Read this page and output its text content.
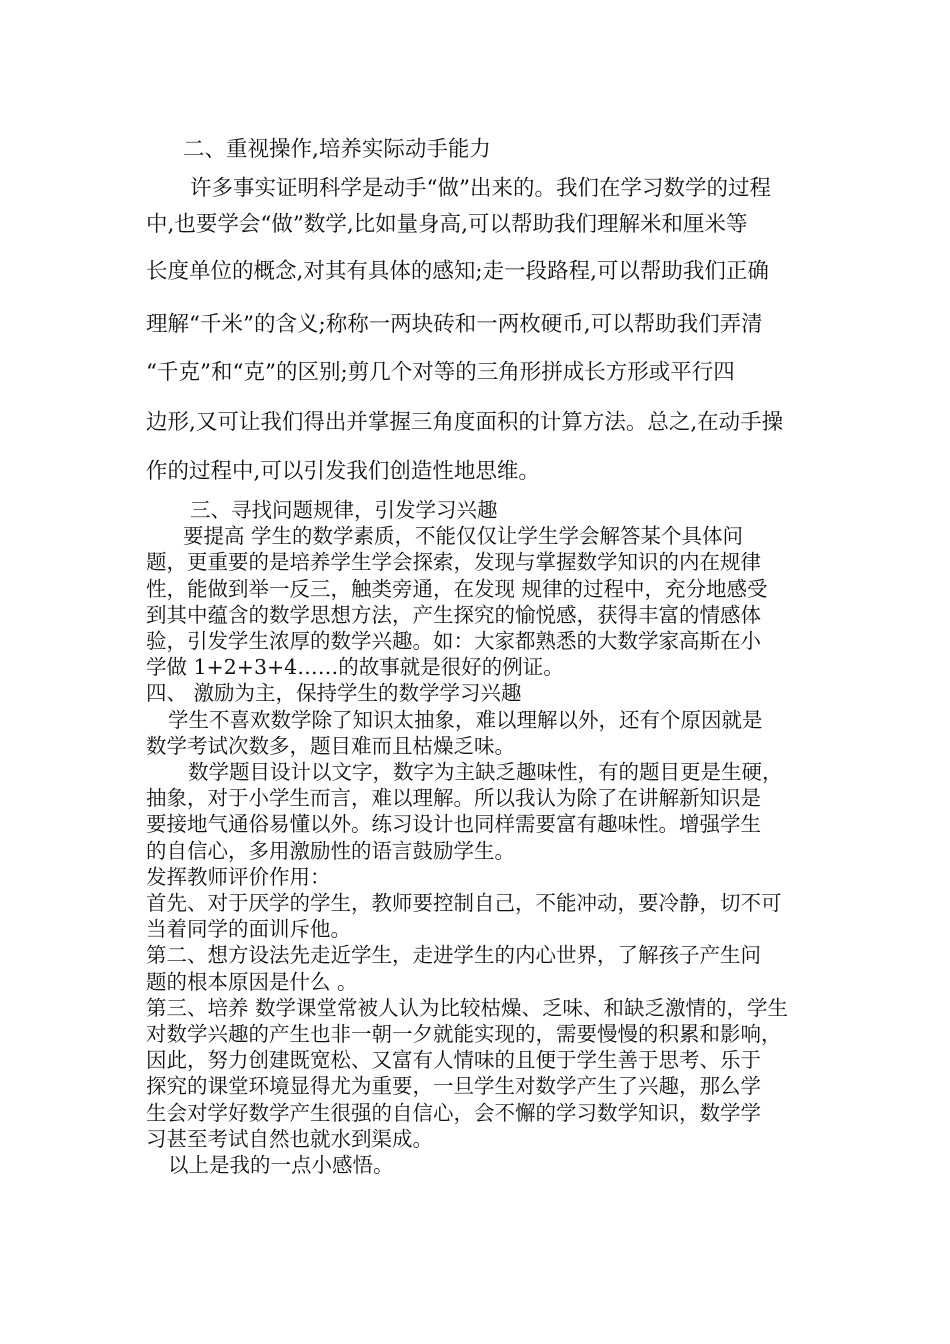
二、重视操作,培养实际动手能力
许多事实证明科学是动手“做”出来的。我们在学习数学的过程
中,也要学会“做”数学,比如量身高,可以帮助我们理解米和厘米等
长度单位的概念,对其有具体的感知;走一段路程,可以帮助我们正确
理解“千米”的含义;称称一两块砖和一两枚硬币,可以帮助我们弄清
“千克”和“克”的区别;剪几个对等的三角形拼成长方形或平行四
边形,又可让我们得出并掌握三角度面积的计算方法。总之,在动手操
作的过程中,可以引发我们创造性地思维。
三、寻找问题规律，引发学习兴趣
要提高 学生的数学素质，不能仅仅让学生学会解答某个具体问
题，更重要的是培养学生学会探索，发现与掌握数学知识的内在规律
性，能做到举一反三，触类旁通，在发现 规律的过程中，充分地感受
到其中蕴含的数学思想方法，产生探究的愉悦感，获得丰富的情感体
验，引发学生浓厚的数学兴趣。如：大家都熟悉的大数学家高斯在小
学做 1+2+3+4……的故事就是很好的例证。
四、 激励为主，保持学生的数学学习兴趣
学生不喜欢数学除了知识太抽象，难以理解以外，还有个原因就是
数学考试次数多，题目难而且枯燥乏味。
数学题目设计以文字，数字为主缺乏趣味性，有的题目更是生硬，
抽象，对于小学生而言，难以理解。所以我认为除了在讲解新知识是
要接地气通俗易懂以外。练习设计也同样需要富有趣味性。增强学生
的自信心，多用激励性的语言鼓励学生。
发挥教师评价作用：
首先、对于厌学的学生，教师要控制自己，不能冲动，要冷静，切不可
当着同学的面训斥他。
第二、想方设法先走近学生，走进学生的内心世界，了解孩子产生问
题的根本原因是什么 。
第三、培养 数学课堂常被人认为比较枯燥、乏味、和缺乏激情的，学生
对数学兴趣的产生也非一朝一夕就能实现的，需要慢慢的积累和影响，
因此，努力创建既宽松、又富有人情味的且便于学生善于思考、乐于
探究的课堂环境显得尤为重要，一旦学生对数学产生了兴趣，那么学
生会对学好数学产生很强的自信心，会不懈的学习数学知识，数学学
习甚至考试自然也就水到渠成。
以上是我的一点小感悟。
